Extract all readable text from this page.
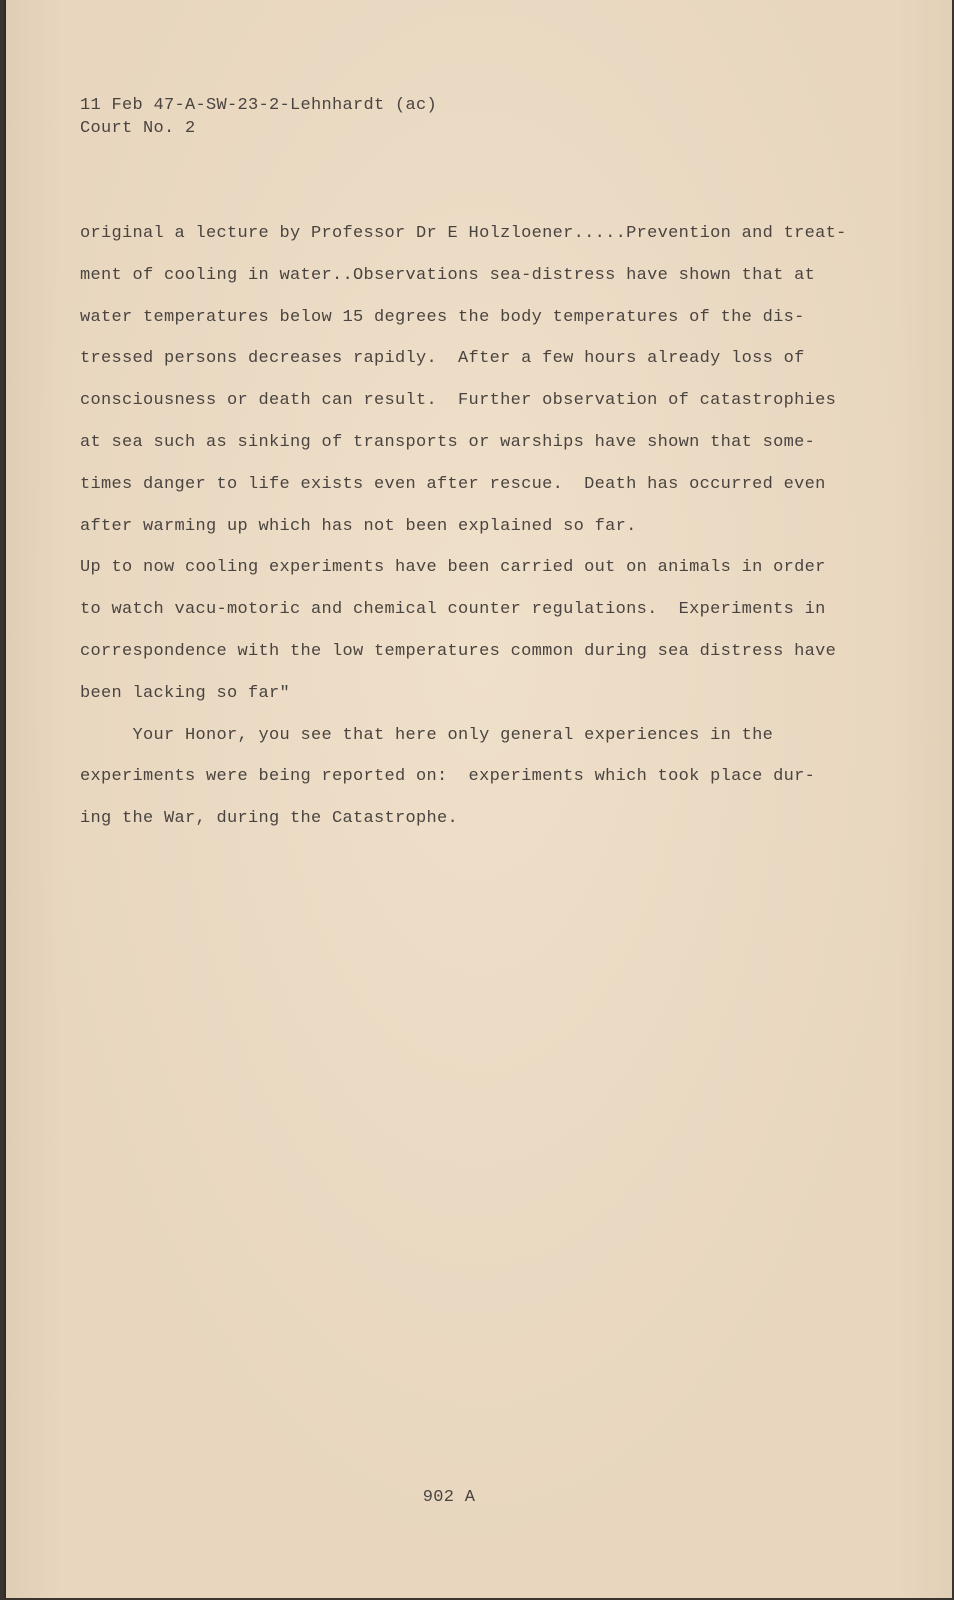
11 Feb 47-A-SW-23-2-Lehnhardt (ac)
Court No. 2
original a lecture by Professor Dr E Holzloener.....Prevention and treat-
ment of cooling in water..Observations sea-distress have shown that at
water temperatures below 15 degrees the body temperatures of the dis-
tressed persons decreases rapidly.  After a few hours already loss of
consciousness or death can result.  Further observation of catastrophies
at sea such as sinking of transports or warships have shown that some-
times danger to life exists even after rescue.  Death has occurred even
after warming up which has not been explained so far.
Up to now cooling experiments have been carried out on animals in order
to watch vacu-motoric and chemical counter regulations.  Experiments in
correspondence with the low temperatures common during sea distress have
been lacking so far"
Your Honor, you see that here only general experiences in the
experiments were being reported on:  experiments which took place dur-
ing the War, during the Catastrophe.
902 A
